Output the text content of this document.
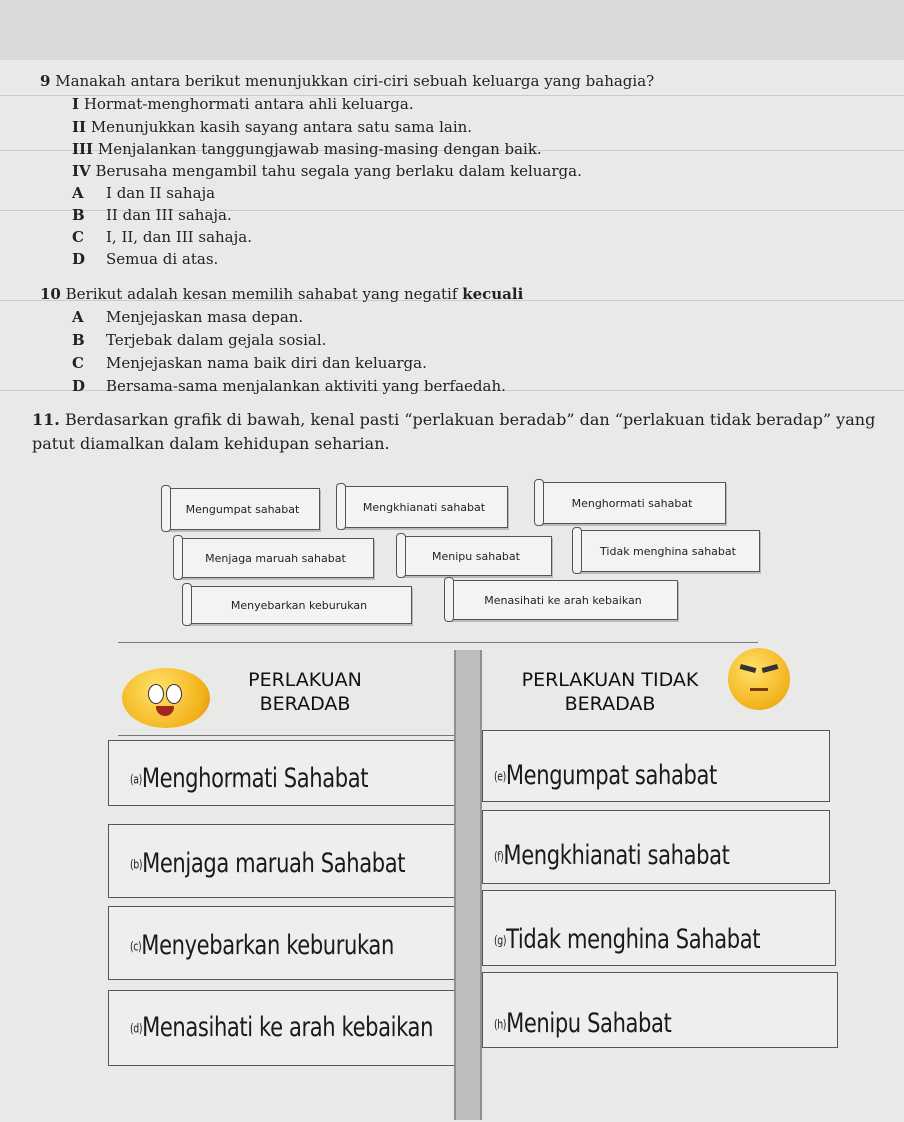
9 Manakah antara berikut menunjukkan ciri-ciri sebuah keluarga yang bahagia?
I Hormat-menghormati antara ahli keluarga.
II Menunjukkan kasih sayang antara satu sama lain.
III Menjalankan tanggungjawab masing-masing dengan baik.
IV Berusaha mengambil tahu segala yang berlaku dalam keluarga.
A I dan II sahaja
B II dan III sahaja.
C I, II, dan III sahaja.
D Semua di atas.
10 Berikut adalah kesan memilih sahabat yang negatif kecuali
A Menjejaskan masa depan.
B Terjebak dalam gejala sosial.
C Menjejaskan nama baik diri dan keluarga.
D Bersama-sama menjalankan aktiviti yang berfaedah.
11. Berdasarkan grafik di bawah, kenal pasti “perlakuan beradab” dan “perlakuan tidak beradap” yang
patut diamalkan dalam kehidupan seharian.
Mengumpat sahabat	Mengkhianati sahabat	Menghormati sahabat
Menjaga maruah sahabat	Menipu sahabat	Tidak menghina sahabat
Menyebarkan keburukan	Menasihati ke arah kebaikan
PERLAKUAN
BERADAB
PERLAKUAN TIDAK
BERADAB
(a)Menghormati Sahabat
(b)Menjaga maruah Sahabat
(c)Menyebarkan keburukan
(d)Menasihati ke arah kebaikan
(e)Mengumpat sahabat
(f)Mengkhianati sahabat
(g)Tidak menghina Sahabat
(h)Menipu Sahabat
